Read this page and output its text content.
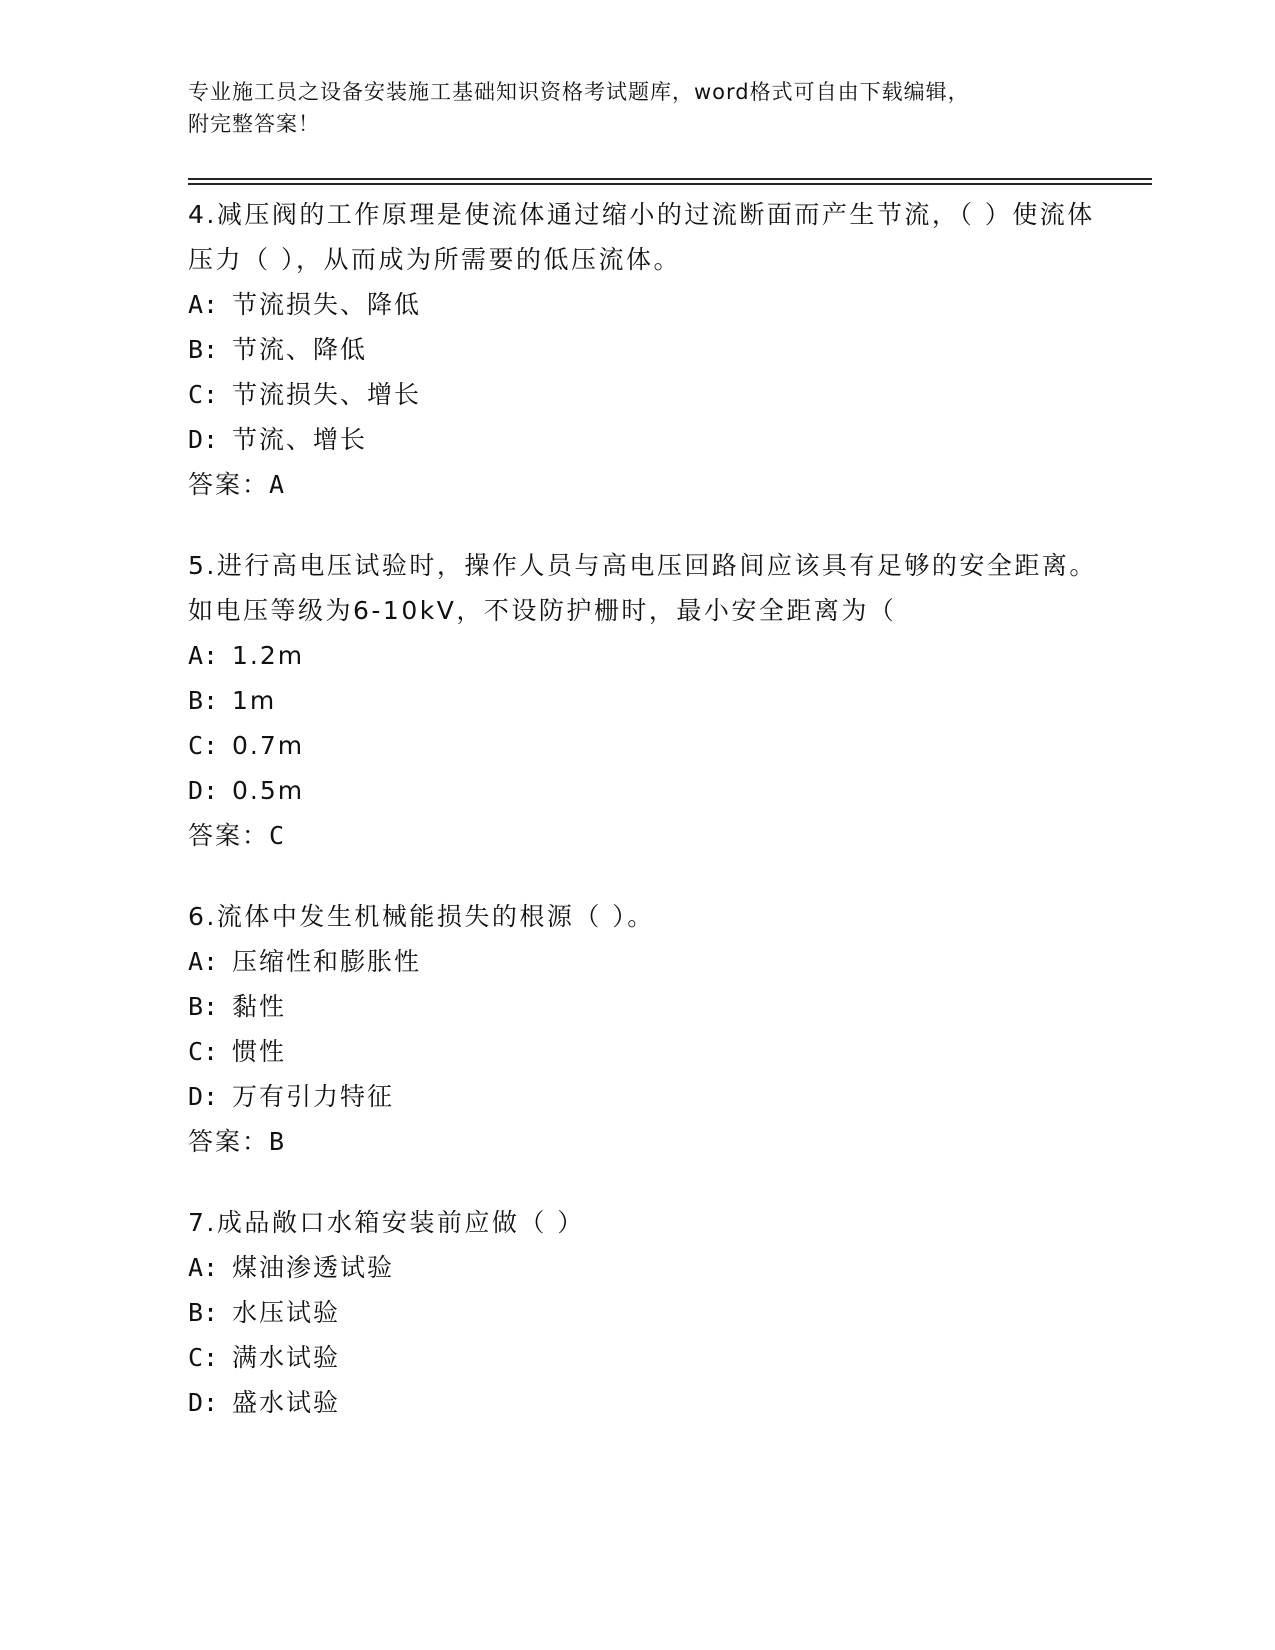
专业施工员之设备安装施工基础知识资格考试题库，word格式可自由下载编辑，
附完整答案！
4.减压阀的工作原理是使流体通过缩小的过流断面而产生节流，（ ）使流体压力（ ），从而成为所需要的低压流体。
A: 节流损失、降低
B: 节流、降低
C: 节流损失、增长
D: 节流、增长
答案：A
5.进行高电压试验时，操作人员与高电压回路间应该具有足够的安全距离。如电压等级为6-10kV，不设防护栅时，最小安全距离为（
A: 1.2m
B: 1m
C: 0.7m
D: 0.5m
答案：C
6.流体中发生机械能损失的根源（ ）。
A: 压缩性和膨胀性
B: 黏性
C: 惯性
D: 万有引力特征
答案：B
7.成品敞口水箱安装前应做（ ）
A: 煤油渗透试验
B: 水压试验
C: 满水试验
D: 盛水试验
